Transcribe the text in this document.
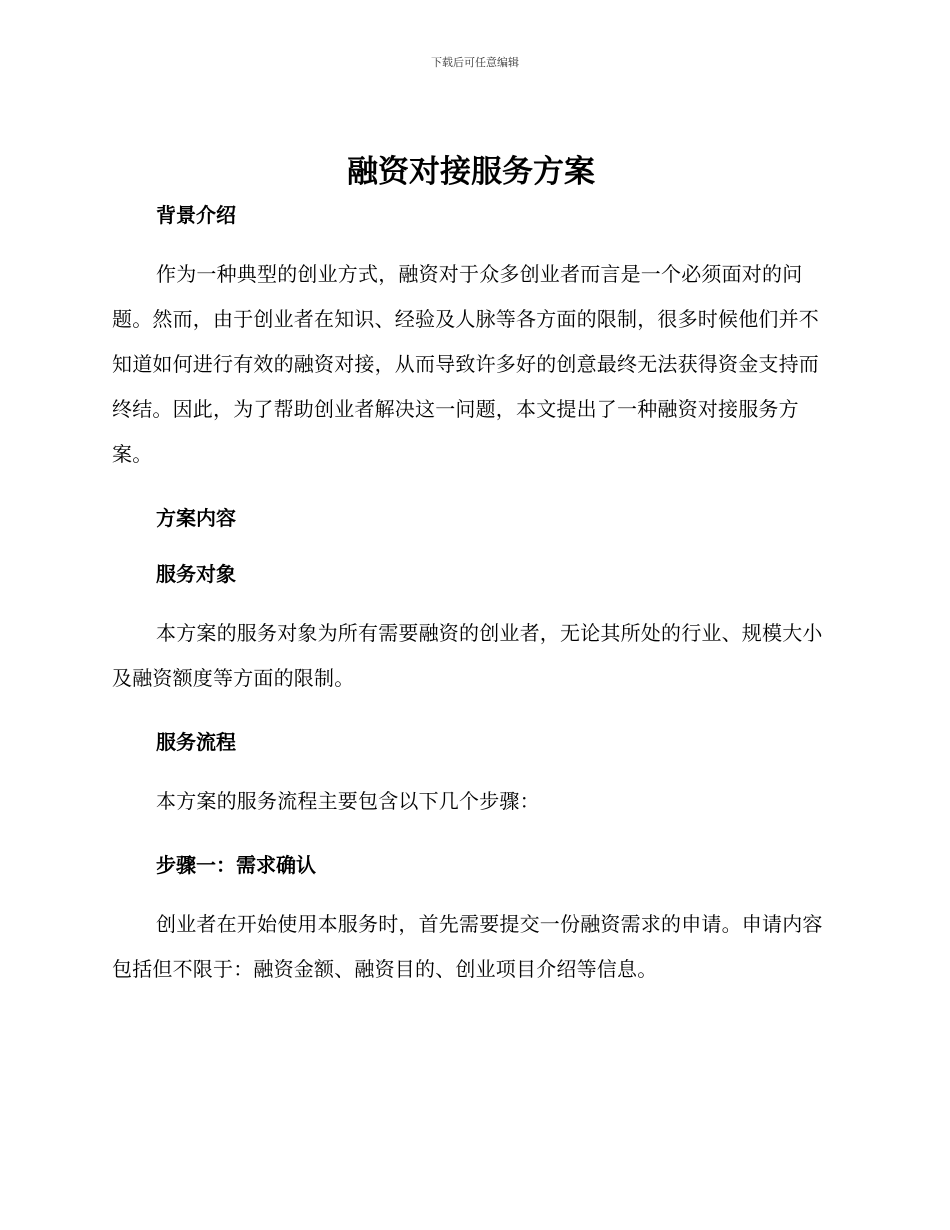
下载后可任意编辑
融资对接服务方案
背景介绍

作为一种典型的创业方式，融资对于众多创业者而言是一个必须面对的问题。然而，由于创业者在知识、经验及人脉等各方面的限制，很多时候他们并不知道如何进行有效的融资对接，从而导致许多好的创意最终无法获得资金支持而终结。因此，为了帮助创业者解决这一问题，本文提出了一种融资对接服务方案。

方案内容
服务对象

本方案的服务对象为所有需要融资的创业者，无论其所处的行业、规模大小及融资额度等方面的限制。

服务流程

本方案的服务流程主要包含以下几个步骤：

步骤一：需求确认

创业者在开始使用本服务时，首先需要提交一份融资需求的申请。申请内容包括但不限于：融资金额、融资目的、创业项目介绍等信息。
